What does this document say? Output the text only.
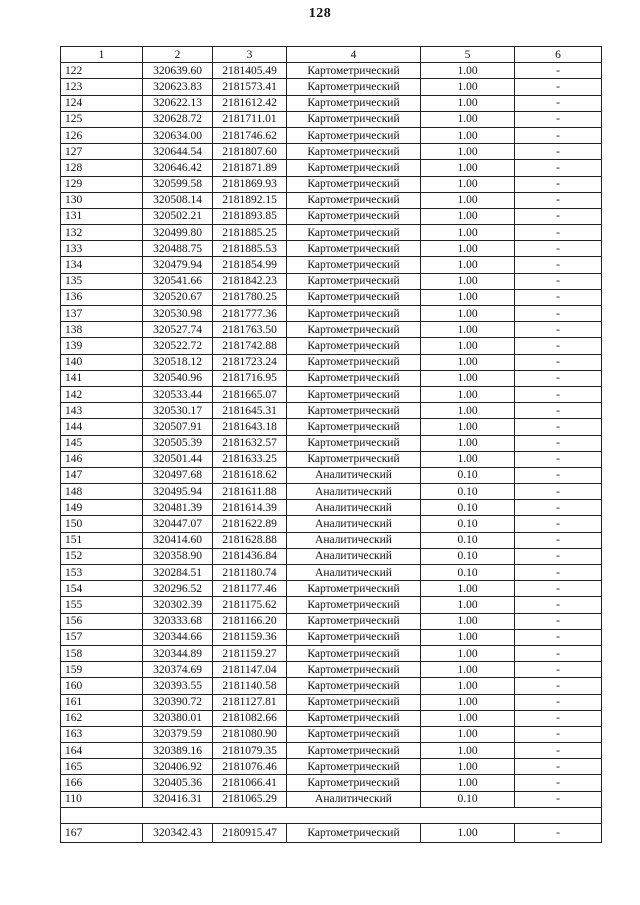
128
1	2	3	4	5	6
122	320639.60	2181405.49	Картометрический	1.00	-
123	320623.83	2181573.41	Картометрический	1.00	-
124	320622.13	2181612.42	Картометрический	1.00	-
125	320628.72	2181711.01	Картометрический	1.00	-
126	320634.00	2181746.62	Картометрический	1.00	-
127	320644.54	2181807.60	Картометрический	1.00	-
128	320646.42	2181871.89	Картометрический	1.00	-
129	320599.58	2181869.93	Картометрический	1.00	-
130	320508.14	2181892.15	Картометрический	1.00	-
131	320502.21	2181893.85	Картометрический	1.00	-
132	320499.80	2181885.25	Картометрический	1.00	-
133	320488.75	2181885.53	Картометрический	1.00	-
134	320479.94	2181854.99	Картометрический	1.00	-
135	320541.66	2181842.23	Картометрический	1.00	-
136	320520.67	2181780.25	Картометрический	1.00	-
137	320530.98	2181777.36	Картометрический	1.00	-
138	320527.74	2181763.50	Картометрический	1.00	-
139	320522.72	2181742.88	Картометрический	1.00	-
140	320518.12	2181723.24	Картометрический	1.00	-
141	320540.96	2181716.95	Картометрический	1.00	-
142	320533.44	2181665.07	Картометрический	1.00	-
143	320530.17	2181645.31	Картометрический	1.00	-
144	320507.91	2181643.18	Картометрический	1.00	-
145	320505.39	2181632.57	Картометрический	1.00	-
146	320501.44	2181633.25	Картометрический	1.00	-
147	320497.68	2181618.62	Аналитический	0.10	-
148	320495.94	2181611.88	Аналитический	0.10	-
149	320481.39	2181614.39	Аналитический	0.10	-
150	320447.07	2181622.89	Аналитический	0.10	-
151	320414.60	2181628.88	Аналитический	0.10	-
152	320358.90	2181436.84	Аналитический	0.10	-
153	320284.51	2181180.74	Аналитический	0.10	-
154	320296.52	2181177.46	Картометрический	1.00	-
155	320302.39	2181175.62	Картометрический	1.00	-
156	320333.68	2181166.20	Картометрический	1.00	-
157	320344.66	2181159.36	Картометрический	1.00	-
158	320344.89	2181159.27	Картометрический	1.00	-
159	320374.69	2181147.04	Картометрический	1.00	-
160	320393.55	2181140.58	Картометрический	1.00	-
161	320390.72	2181127.81	Картометрический	1.00	-
162	320380.01	2181082.66	Картометрический	1.00	-
163	320379.59	2181080.90	Картометрический	1.00	-
164	320389.16	2181079.35	Картометрический	1.00	-
165	320406.92	2181076.46	Картометрический	1.00	-
166	320405.36	2181066.41	Картометрический	1.00	-
110	320416.31	2181065.29	Аналитический	0.10	-

167	320342.43	2180915.47	Картометрический	1.00	-
